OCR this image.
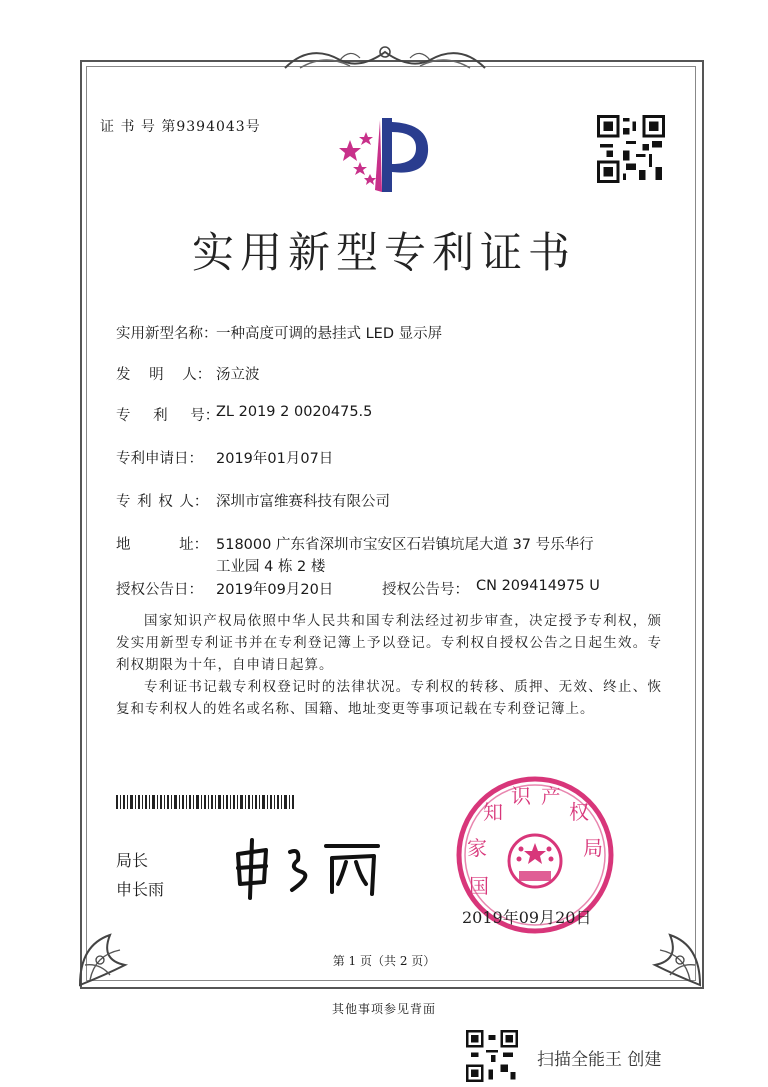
证 书 号 第9394043号
实用新型专利证书
实用新型名称：
一种高度可调的悬挂式 LED 显示屏
发 明 人： 汤立波
专 利 号：
ZL 2019 2 0020475.5
专利申请日： 2019年01月07日
专 利 权 人： 深圳市富维赛科技有限公司
地 址： 518000 广东省深圳市宝安区石岩镇坑尾大道 37 号乐华行
工业园 4 栋 2 楼
授权公告日： 2019年09月20日	授权公告号： CN 209414975 U
国家知识产权局依照中华人民共和国专利法经过初步审查，决定授予专利权，颁发实用新型专利证书并在专利登记簿上予以登记。专利权自授权公告之日起生效。专利权期限为十年，自申请日起算。
专利证书记载专利权登记时的法律状况。专利权的转移、质押、无效、终止、恢复和专利权人的姓名或名称、国籍、地址变更等事项记载在专利登记簿上。
局长
申长雨	国
家
知
识 产
权
局
2019年09月20日
第 1 页（共 2 页）
其他事项参见背面
扫描全能王 创建
